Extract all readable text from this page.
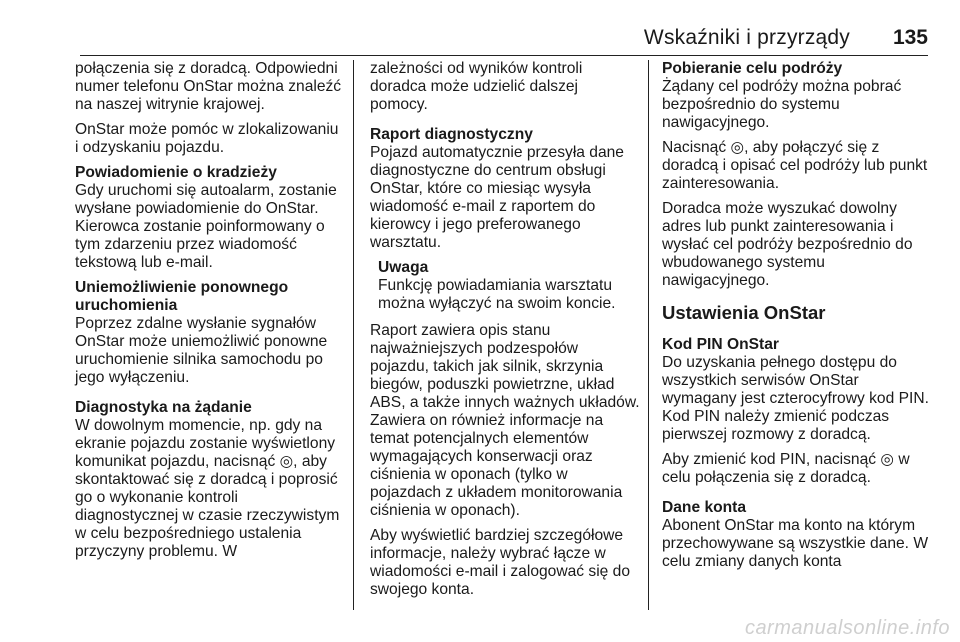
Wskaźniki i przyrządy 135

połączenia się z doradcą. Odpowiedni numer telefonu OnStar można znaleźć na naszej witrynie krajowej.

OnStar może pomóc w zlokalizowaniu i odzyskaniu pojazdu.

Powiadomienie o kradzieży

Gdy uruchomi się autoalarm, zostanie wysłane powiadomienie do OnStar. Kierowca zostanie poinformowany o tym zdarzeniu przez wiadomość tekstową lub e-mail.

Uniemożliwienie ponownego uruchomienia

Poprzez zdalne wysłanie sygnałów OnStar może uniemożliwić ponowne uruchomienie silnika samochodu po jego wyłączeniu.

Diagnostyka na żądanie

W dowolnym momencie, np. gdy na ekranie pojazdu zostanie wyświetlony komunikat pojazdu, nacisnąć ◎, aby skontaktować się z doradcą i poprosić go o wykonanie kontroli diagnostycznej w czasie rzeczywistym w celu bezpośredniego ustalenia przyczyny problemu. W

zależności od wyników kontroli doradca może udzielić dalszej pomocy.

Raport diagnostyczny

Pojazd automatycznie przesyła dane diagnostyczne do centrum obsługi OnStar, które co miesiąc wysyła wiadomość e-mail z raportem do kierowcy i jego preferowanego warsztatu.

Uwaga
Funkcję powiadamiania warsztatu można wyłączyć na swoim koncie.

Raport zawiera opis stanu najważniejszych podzespołów pojazdu, takich jak silnik, skrzynia biegów, poduszki powietrzne, układ ABS, a także innych ważnych układów. Zawiera on również informacje na temat potencjalnych elementów wymagających konserwacji oraz ciśnienia w oponach (tylko w pojazdach z układem monitorowania ciśnienia w oponach).

Aby wyświetlić bardziej szczegółowe informacje, należy wybrać łącze w wiadomości e-mail i zalogować się do swojego konta.

Pobieranie celu podróży

Żądany cel podróży można pobrać bezpośrednio do systemu nawigacyjnego.

Nacisnąć ◎, aby połączyć się z doradcą i opisać cel podróży lub punkt zainteresowania.

Doradca może wyszukać dowolny adres lub punkt zainteresowania i wysłać cel podróży bezpośrednio do wbudowanego systemu nawigacyjnego.

Ustawienia OnStar
Kod PIN OnStar

Do uzyskania pełnego dostępu do wszystkich serwisów OnStar wymagany jest czterocyfrowy kod PIN. Kod PIN należy zmienić podczas pierwszej rozmowy z doradcą.

Aby zmienić kod PIN, nacisnąć ◎ w celu połączenia się z doradcą.

Dane konta

Abonent OnStar ma konto na którym przechowywane są wszystkie dane. W celu zmiany danych konta

carmanualsonline.info
